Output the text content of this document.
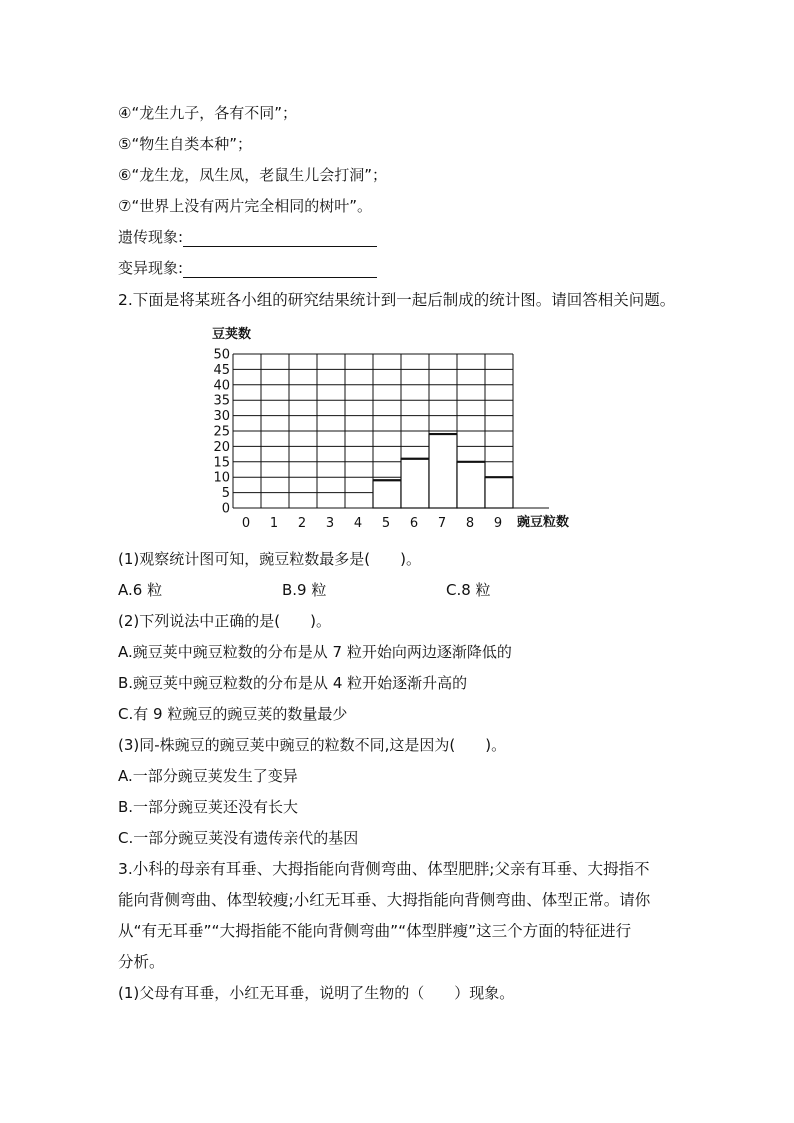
④“龙生九子，各有不同”；
⑤“物生自类本种”；
⑥“龙生龙，凤生凤，老鼠生儿会打洞”；
⑦“世界上没有两片完全相同的树叶”。
遗传现象:
变异现象:
2.下面是将某班各小组的研究结果统计到一起后制成的统计图。请回答相关问题。
豆荚数
0
5
10
15
20
25
30
35
40
45
50
0 1 2 3 4 5 6 7 8 9 豌豆粒数
(1)观察统计图可知，豌豆粒数最多是(　　)。
A.6 粒	B.9 粒	C.8 粒
(2)下列说法中正确的是(　　)。
A.豌豆荚中豌豆粒数的分布是从 7 粒开始向两边逐渐降低的
B.豌豆荚中豌豆粒数的分布是从 4 粒开始逐渐升高的
C.有 9 粒豌豆的豌豆荚的数量最少
(3)同-株豌豆的豌豆荚中豌豆的粒数不同,这是因为(　　)。
A.一部分豌豆荚发生了变异
B.一部分豌豆荚还没有长大
C.一部分豌豆荚没有遗传亲代的基因
3.小科的母亲有耳垂、大拇指能向背侧弯曲、体型肥胖;父亲有耳垂、大拇指不
能向背侧弯曲、体型较瘦;小红无耳垂、大拇指能向背侧弯曲、体型正常。请你
从“有无耳垂”“大拇指能不能向背侧弯曲”“体型胖瘦”这三个方面的特征进行
分析。
(1)父母有耳垂，小红无耳垂，说明了生物的（　　）现象。
